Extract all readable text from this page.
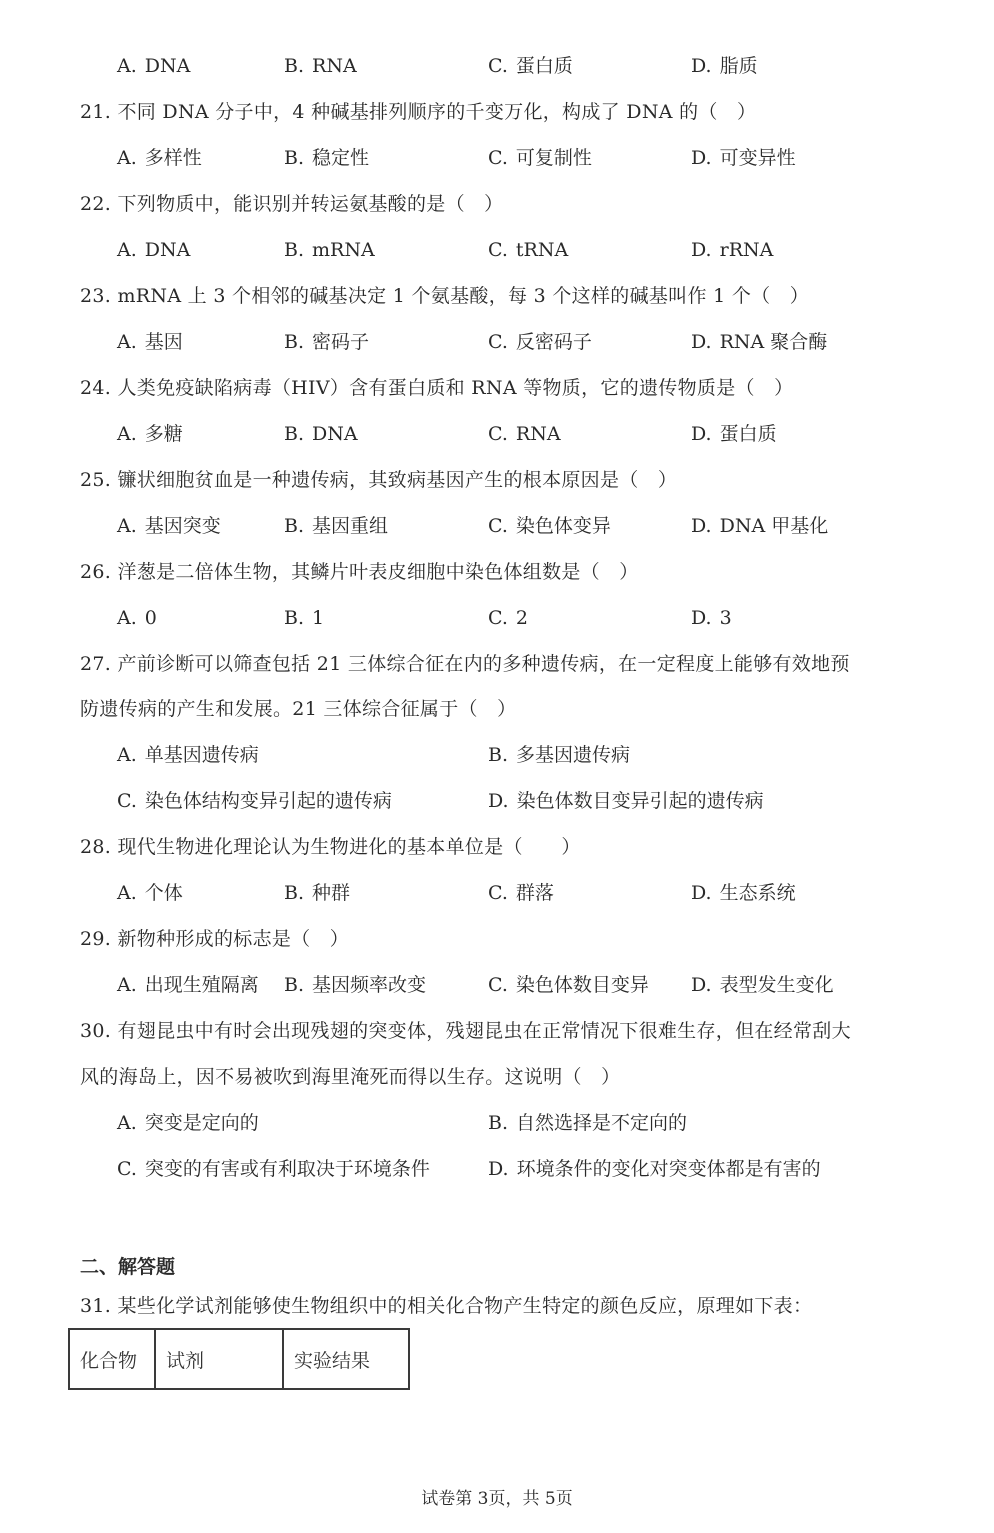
A. DNA	B. RNA	C. 蛋白质	D. 脂质
21. 不同 DNA 分子中，4 种碱基排列顺序的千变万化，构成了 DNA 的（　）
A. 多样性	B. 稳定性	C. 可复制性	D. 可变异性
22. 下列物质中，能识别并转运氨基酸的是（　）
A. DNA	B. mRNA	C. tRNA	D. rRNA
23. mRNA 上 3 个相邻的碱基决定 1 个氨基酸，每 3 个这样的碱基叫作 1 个（　）
A. 基因	B. 密码子	C. 反密码子	D. RNA 聚合酶
24. 人类免疫缺陷病毒（HIV）含有蛋白质和 RNA 等物质，它的遗传物质是（　）
A. 多糖	B. DNA	C. RNA	D. 蛋白质
25. 镰状细胞贫血是一种遗传病，其致病基因产生的根本原因是（　）
A. 基因突变	B. 基因重组	C. 染色体变异	D. DNA 甲基化
26. 洋葱是二倍体生物，其鳞片叶表皮细胞中染色体组数是（　）
A. 0	B. 1	C. 2	D. 3
27. 产前诊断可以筛查包括 21 三体综合征在内的多种遗传病，在一定程度上能够有效地预
防遗传病的产生和发展。21 三体综合征属于（　）
A. 单基因遗传病	B. 多基因遗传病
C. 染色体结构变异引起的遗传病	D. 染色体数目变异引起的遗传病
28. 现代生物进化理论认为生物进化的基本单位是（　　）
A. 个体	B. 种群	C. 群落	D. 生态系统
29. 新物种形成的标志是（　）
A. 出现生殖隔离 B. 基因频率改变	C. 染色体数目变异 D. 表型发生变化
30. 有翅昆虫中有时会出现残翅的突变体，残翅昆虫在正常情况下很难生存，但在经常刮大
风的海岛上，因不易被吹到海里淹死而得以生存。这说明（　）
A. 突变是定向的	B. 自然选择是不定向的
C. 突变的有害或有利取决于环境条件	D. 环境条件的变化对突变体都是有害的
二、解答题
31. 某些化学试剂能够使生物组织中的相关化合物产生特定的颜色反应，原理如下表：
化合物	试剂	实验结果
试卷第 3页，共 5页
